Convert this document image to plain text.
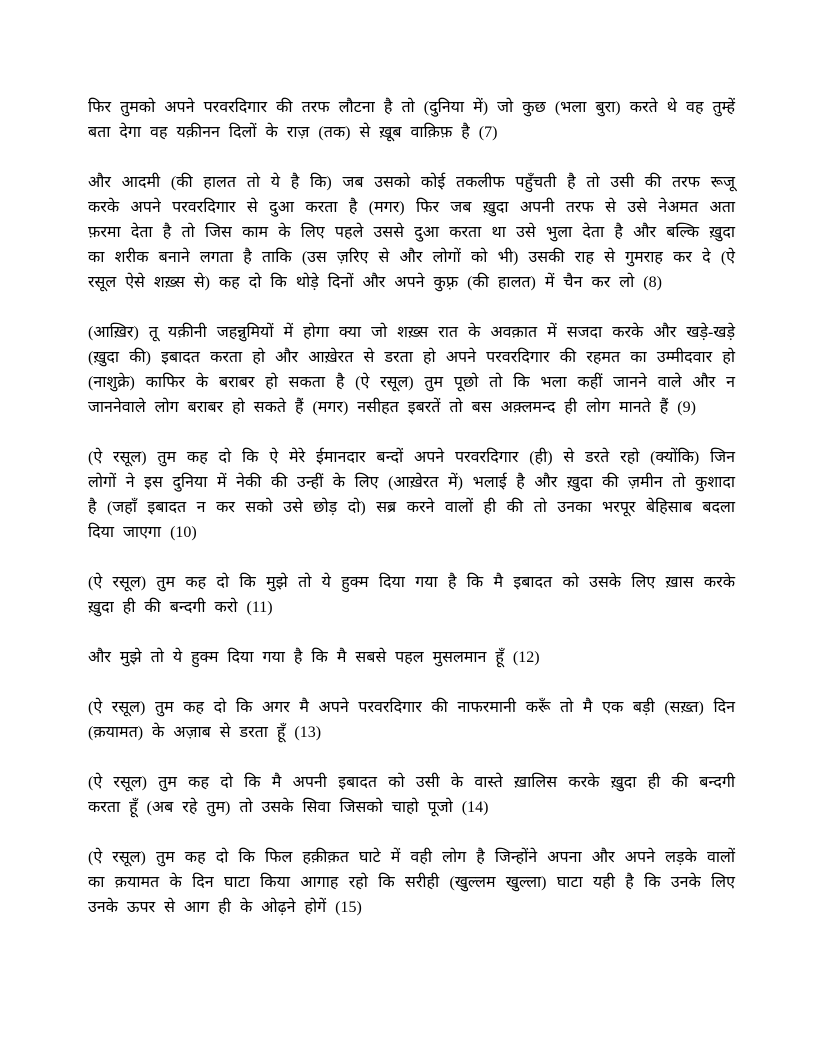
फिर तुमको अपने परवरदिगार की तरफ लौटना है तो (दुनिया में) जो कुछ (भला बुरा) करते थे वह तुम्हें बता देगा वह यक़ीनन दिलों के राज़ (तक) से ख़ूब वाक़िफ़ है (7)

और आदमी (की हालत तो ये है कि) जब उसको कोई तकलीफ पहुँचती है तो उसी की तरफ रूजू करके अपने परवरदिगार से दुआ करता है (मगर) फिर जब ख़ुदा अपनी तरफ से उसे नेअमत अता फ़रमा देता है तो जिस काम के लिए पहले उससे दुआ करता था उसे भुला देता है और बल्कि ख़ुदा का शरीक बनाने लगता है ताकि (उस ज़रिए से और लोगों को भी) उसकी राह से गुमराह कर दे (ऐ रसूल ऐसे शख़्स से) कह दो कि थोड़े दिनों और अपने कुफ़्र (की हालत) में चैन कर लो (8)

(आख़िर) तू यक़ीनी जहन्नुमियों में होगा क्या जो शख़्स रात के अवक़ात में सजदा करके और खड़े-खड़े (ख़ुदा की) इबादत करता हो और आख़ेरत से डरता हो अपने परवरदिगार की रहमत का उम्मीदवार हो (नाशुक्रे) काफिर के बराबर हो सकता है (ऐ रसूल) तुम पूछो तो कि भला कहीं जानने वाले और न जाननेवाले लोग बराबर हो सकते हैं (मगर) नसीहत इबरतें तो बस अक़्लमन्द ही लोग मानते हैं (9)

(ऐ रसूल) तुम कह दो कि ऐ मेरे ईमानदार बन्दों अपने परवरदिगार (ही) से डरते रहो (क्योंकि) जिन लोगों ने इस दुनिया में नेकी की उन्हीं के लिए (आख़ेरत में) भलाई है और ख़ुदा की ज़मीन तो कुशादा है (जहाँ इबादत न कर सको उसे छोड़ दो) सब्र करने वालों ही की तो उनका भरपूर बेहिसाब बदला दिया जाएगा (10)

(ऐ रसूल) तुम कह दो कि मुझे तो ये हुक्म दिया गया है कि मै इबादत को उसके लिए ख़ास करके ख़ुदा ही की बन्दगी करो (11)

और मुझे तो ये हुक्म दिया गया है कि मै सबसे पहल मुसलमान हूँ (12)

(ऐ रसूल) तुम कह दो कि अगर मै अपने परवरदिगार की नाफरमानी करूँ तो मै एक बड़ी (सख़्त) दिन (क़यामत) के अज़ाब से डरता हूँ (13)

(ऐ रसूल) तुम कह दो कि मै अपनी इबादत को उसी के वास्ते ख़ालिस करके ख़ुदा ही की बन्दगी करता हूँ (अब रहे तुम) तो उसके सिवा जिसको चाहो पूजो (14)

(ऐ रसूल) तुम कह दो कि फिल हक़ीक़त घाटे में वही लोग है जिन्होंने अपना और अपने लड़के वालों का क़यामत के दिन घाटा किया आगाह रहो कि सरीही (खुल्लम खुल्ला) घाटा यही है कि उनके लिए उनके ऊपर से आग ही के ओढ़ने होगें (15)
